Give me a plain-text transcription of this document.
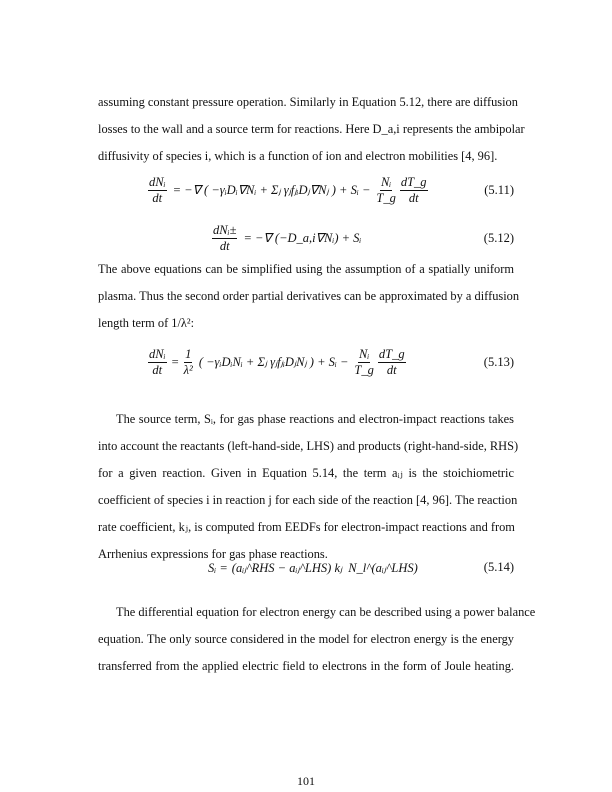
assuming constant pressure operation. Similarly in Equation 5.12, there are diffusion
losses to the wall and a source term for reactions. Here D_a,i represents the ambipolar
diffusivity of species i, which is a function of ion and electron mobilities [4, 96].
$\frac{\text{dNᵢ}}{dt}$ = −∇ ( −γᵢDᵢ∇Nᵢ + Σⱼ γⱼfⱼᵢDⱼ∇Nⱼ ) + Sᵢ − $\frac{\text{Nᵢ}}{T\_g} \frac{dT\_g}{dt}$	(5.11)
$\frac{\text{dNᵢ±}}{dt}$ = −∇ (−D_a,i∇Nᵢ) + Sᵢ	(5.12)
The above equations can be simplified using the assumption of a spatially uniform
plasma. Thus the second order partial derivatives can be approximated by a diffusion
length term of 1/λ²:
$\frac{\text{dNᵢ}}{dt} = \frac{1}{\text{λ²}}$ ( −γᵢDᵢNᵢ + Σⱼ γⱼfⱼᵢDⱼNⱼ ) + Sᵢ − $\frac{\text{Nᵢ}}{T\_g} \frac{dT\_g}{dt}$	(5.13)
The source term, Sᵢ, for gas phase reactions and electron-impact reactions takes
into account the reactants (left-hand-side, LHS) and products (right-hand-side, RHS)
for a given reaction. Given in Equation 5.14, the term aᵢⱼ is the stoichiometric
coefficient of species i in reaction j for each side of the reaction [4, 96]. The reaction
rate coefficient, kⱼ, is computed from EEDFs for electron-impact reactions and from
Arrhenius expressions for gas phase reactions.
Sᵢ = (aᵢⱼ^RHS − aᵢⱼ^LHS) kⱼ N_l^(aᵢⱼ^LHS)	(5.14)
The differential equation for electron energy can be described using a power balance
equation. The only source considered in the model for electron energy is the energy
transferred from the applied electric field to electrons in the form of Joule heating.
101
